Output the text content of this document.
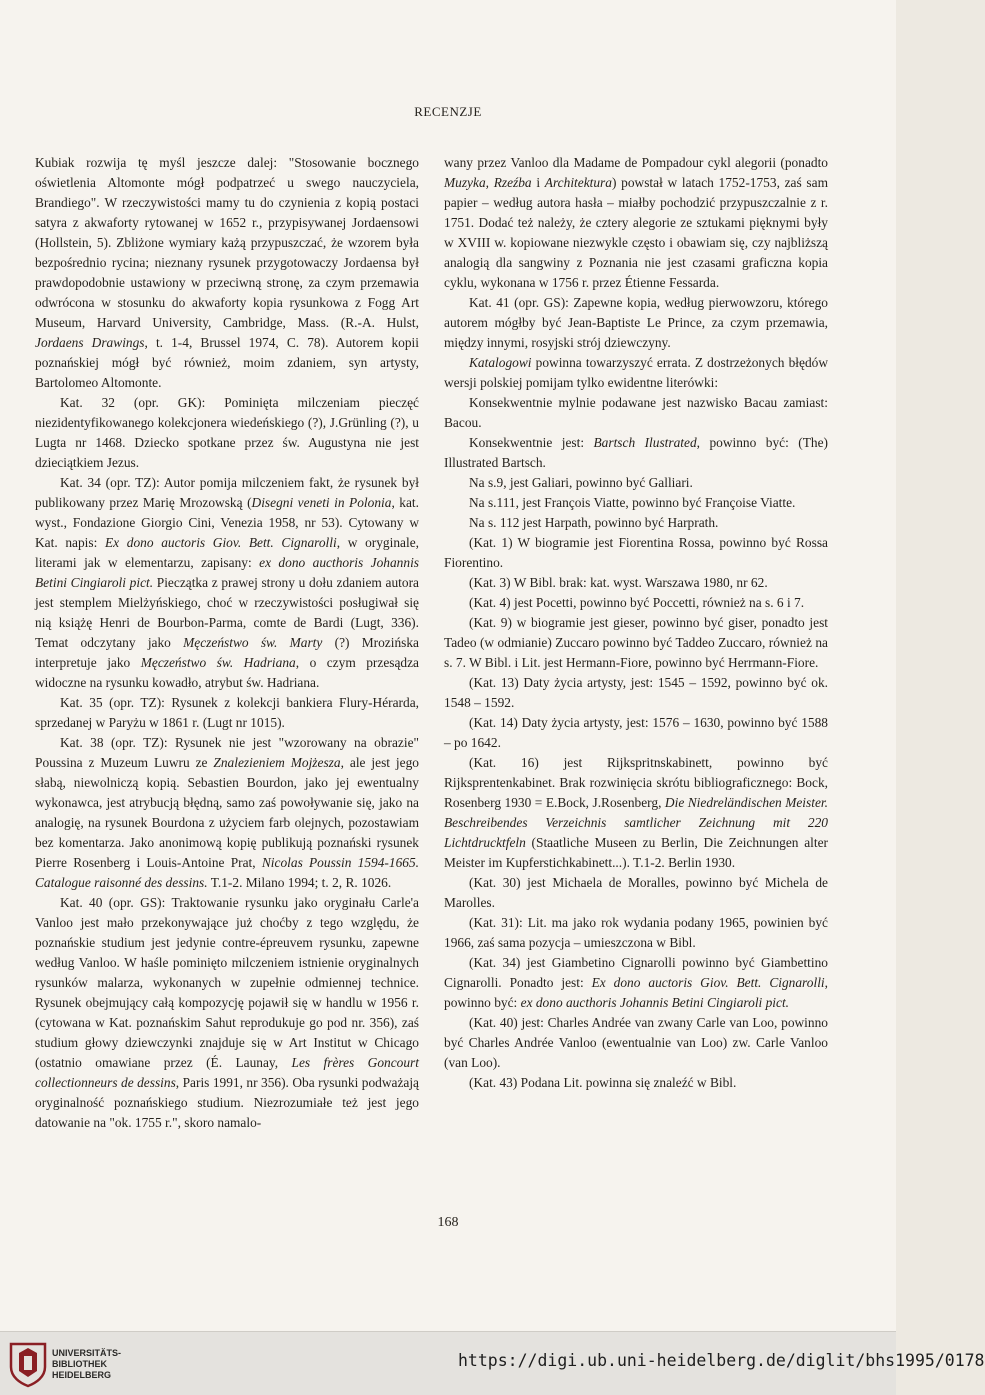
RECENZJE

Kubiak rozwija tę myśl jeszcze dalej: "Stosowanie bocznego oświetlenia Altomonte mógł podpatrzeć u swego nauczyciela, Brandiego". W rzeczywistości mamy tu do czynienia z kopią postaci satyra z akwaforty rytowanej w 1652 r., przypisywanej Jordaensowi (Hollstein, 5). Zbliżone wymiary każą przypuszczać, że wzorem była bezpośrednio rycina; nieznany rysunek przygotowaczy Jordaensa był prawdopodobnie ustawiony w przeciwną stronę, za czym przemawia odwrócona w stosunku do akwaforty kopia rysunkowa z Fogg Art Museum, Harvard University, Cambridge, Mass. (R.-A. Hulst, Jordaens Drawings, t. 1-4, Brussel 1974, C. 78). Autorem kopii poznańskiej mógł być również, moim zdaniem, syn artysty, Bartolomeo Altomonte.

Kat. 32 (opr. GK): Pominięta milczeniam pieczęć niezidentyfikowanego kolekcjonera wiedeńskiego (?), J.Grünling (?), u Lugta nr 1468. Dziecko spotkane przez św. Augustyna nie jest dzieciątkiem Jezus.

Kat. 34 (opr. TZ): Autor pomija milczeniem fakt, że rysunek był publikowany przez Marię Mrozowską (Disegni veneti in Polonia, kat. wyst., Fondazione Giorgio Cini, Venezia 1958, nr 53). Cytowany w Kat. napis: Ex dono auctoris Giov. Bett. Cignarolli, w oryginale, literami jak w elementarzu, zapisany: ex dono aucthoris Johannis Betini Cingiaroli pict. Pieczątka z prawej strony u dołu zdaniem autora jest stemplem Mielżyńskiego, choć w rzeczywistości posługiwał się nią książę Henri de Bourbon-Parma, comte de Bardi (Lugt, 336). Temat odczytany jako Męczeństwo św. Marty (?) Mrozińska interpretuje jako Męczeństwo św. Hadriana, o czym przesądza widoczne na rysunku kowadło, atrybut św. Hadriana.

Kat. 35 (opr. TZ): Rysunek z kolekcji bankiera Flury-Hérarda, sprzedanej w Paryżu w 1861 r. (Lugt nr 1015).

Kat. 38 (opr. TZ): Rysunek nie jest "wzorowany na obrazie" Poussina z Muzeum Luwru ze Znalezieniem Mojżesza, ale jest jego słabą, niewolniczą kopią. Sebastien Bourdon, jako jej ewentualny wykonawca, jest atrybucją błędną, samo zaś powoływanie się, jako na analogię, na rysunek Bourdona z użyciem farb olejnych, pozostawiam bez komentarza. Jako anonimową kopię publikują poznański rysunek Pierre Rosenberg i Louis-Antoine Prat, Nicolas Poussin 1594-1665. Catalogue raisonné des dessins. T.1-2. Milano 1994; t. 2, R. 1026.

Kat. 40 (opr. GS): Traktowanie rysunku jako oryginału Carle'a Vanloo jest mało przekonywające już choćby z tego względu, że poznańskie studium jest jedynie contre-épreuvem rysunku, zapewne według Vanloo. W haśle pominięto milczeniem istnienie oryginalnych rysunków malarza, wykonanych w zupełnie odmiennej technice. Rysunek obejmujący całą kompozycję pojawił się w handlu w 1956 r. (cytowana w Kat. poznańskim Sahut reprodukuje go pod nr. 356), zaś studium głowy dziewczynki znajduje się w Art Institut w Chicago (ostatnio omawiane przez (É. Launay, Les frères Goncourt collectionneurs de dessins, Paris 1991, nr 356). Oba rysunki podważają oryginalność poznańskiego studium. Niezrozumiałe też jest jego datowanie na "ok. 1755 r.", skoro namalo-

wany przez Vanloo dla Madame de Pompadour cykl alegorii (ponadto Muzyka, Rzeźba i Architektura) powstał w latach 1752-1753, zaś sam papier – według autora hasła – miałby pochodzić przypuszczalnie z r. 1751. Dodać też należy, że cztery alegorie ze sztukami pięknymi były w XVIII w. kopiowane niezwykle często i obawiam się, czy najbliższą analogią dla sangwiny z Poznania nie jest czasami graficzna kopia cyklu, wykonana w 1756 r. przez Étienne Fessarda.

Kat. 41 (opr. GS): Zapewne kopia, według pierwowzoru, którego autorem mógłby być Jean-Baptiste Le Prince, za czym przemawia, między innymi, rosyjski strój dziewczyny.

Katalogowi powinna towarzyszyć errata. Z dostrzeżonych błędów wersji polskiej pomijam tylko ewidentne literówki:

Konsekwentnie mylnie podawane jest nazwisko Bacau zamiast: Bacou.

Konsekwentnie jest: Bartsch Ilustrated, powinno być: (The) Illustrated Bartsch.

Na s.9, jest Galiari, powinno być Galliari.

Na s.111, jest François Viatte, powinno być Françoise Viatte.

Na s. 112 jest Harpath, powinno być Harprath.

(Kat. 1) W biogramie jest Fiorentina Rossa, powinno być Rossa Fiorentino.

(Kat. 3) W Bibl. brak: kat. wyst. Warszawa 1980, nr 62.

(Kat. 4) jest Pocetti, powinno być Poccetti, również na s. 6 i 7.

(Kat. 9) w biogramie jest gieser, powinno być giser, ponadto jest Tadeo (w odmianie) Zuccaro powinno być Taddeo Zuccaro, również na s. 7. W Bibl. i Lit. jest Hermann-Fiore, powinno być Herrmann-Fiore.

(Kat. 13) Daty życia artysty, jest: 1545 – 1592, powinno być ok. 1548 – 1592.

(Kat. 14) Daty życia artysty, jest: 1576 – 1630, powinno być 1588 – po 1642.

(Kat. 16) jest Rijkspritnskabinett, powinno być Rijksprentenkabinet. Brak rozwinięcia skrótu bibliograficznego: Bock, Rosenberg 1930 = E.Bock, J.Rosenberg, Die Niedreländischen Meister. Beschreibendes Verzeichnis samtlicher Zeichnung mit 220 Lichtdrucktfeln (Staatliche Museen zu Berlin, Die Zeichnungen alter Meister im Kupferstichkabinett...). T.1-2. Berlin 1930.

(Kat. 30) jest Michaela de Moralles, powinno być Michela de Marolles.

(Kat. 31): Lit. ma jako rok wydania podany 1965, powinien być 1966, zaś sama pozycja – umieszczona w Bibl.

(Kat. 34) jest Giambetino Cignarolli powinno być Giambettino Cignarolli. Ponadto jest: Ex dono auctoris Giov. Bett. Cignarolli, powinno być: ex dono aucthoris Johannis Betini Cingiaroli pict.

(Kat. 40) jest: Charles Andrée van zwany Carle van Loo, powinno być Charles Andrée Vanloo (ewentualnie van Loo) zw. Carle Vanloo (van Loo).

(Kat. 43) Podana Lit. powinna się znaleźć w Bibl.

168
UNIVERSITÄTS-
BIBLIOTHEK
HEIDELBERG
https://digi.ub.uni-heidelberg.de/diglit/bhs1995/0178
